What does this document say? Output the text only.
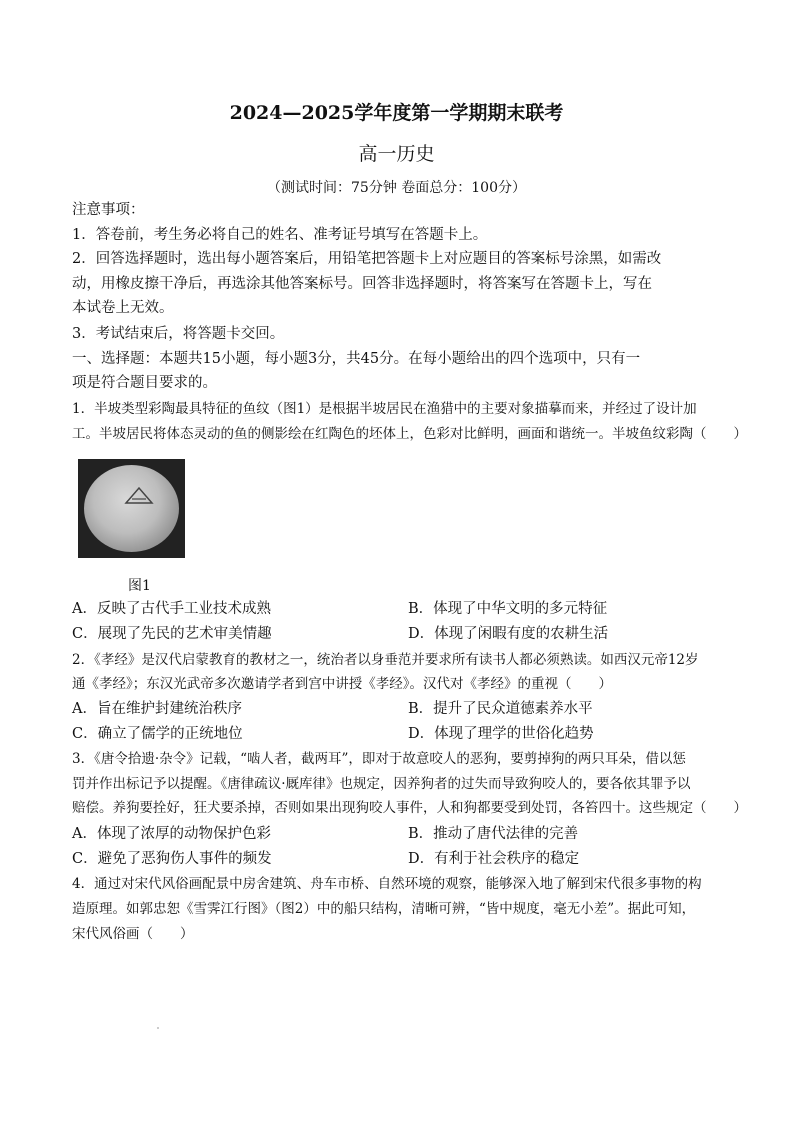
2024—2025学年度第一学期期末联考
高一历史
（测试时间：75分钟 卷面总分：100分）
注意事项：
1．答卷前，考生务必将自己的姓名、准考证号填写在答题卡上。
2．回答选择题时，选出每小题答案后，用铅笔把答题卡上对应题目的答案标号涂黑，如需改
动，用橡皮擦干净后，再选涂其他答案标号。回答非选择题时，将答案写在答题卡上，写在
本试卷上无效。
3．考试结束后，将答题卡交回。
一、选择题：本题共15小题，每小题3分，共45分。在每小题给出的四个选项中，只有一
项是符合题目要求的。
1．半坡类型彩陶最具特征的鱼纹（图1）是根据半坡居民在渔猎中的主要对象描摹而来，并经过了设计加
工。半坡居民将体态灵动的鱼的侧影绘在红陶色的坯体上，色彩对比鲜明，画面和谐统一。半坡鱼纹彩陶（　　）
图1
A．反映了古代手工业技术成熟	B．体现了中华文明的多元特征
C．展现了先民的艺术审美情趣	D．体现了闲暇有度的农耕生活
2．《孝经》是汉代启蒙教育的教材之一，统治者以身垂范并要求所有读书人都必须熟读。如西汉元帝12岁
通《孝经》；东汉光武帝多次邀请学者到宫中讲授《孝经》。汉代对《孝经》的重视（　　）
A．旨在维护封建统治秩序	B．提升了民众道德素养水平
C．确立了儒学的正统地位	D．体现了理学的世俗化趋势
3．《唐令拾遗·杂令》记载，“啮人者，截两耳”，即对于故意咬人的恶狗，要剪掉狗的两只耳朵，借以惩
罚并作出标记予以提醒。《唐律疏议·厩库律》也规定，因养狗者的过失而导致狗咬人的，要各依其罪予以
赔偿。养狗要拴好，狂犬要杀掉，否则如果出现狗咬人事件，人和狗都要受到处罚，各笞四十。这些规定（　　）
A．体现了浓厚的动物保护色彩	B．推动了唐代法律的完善
C．避免了恶狗伤人事件的频发	D．有利于社会秩序的稳定
4．通过对宋代风俗画配景中房舍建筑、舟车市桥、自然环境的观察，能够深入地了解到宋代很多事物的构
造原理。如郭忠恕《雪霁江行图》（图2）中的船只结构，清晰可辨，“皆中规度，毫无小差”。据此可知，
宋代风俗画（　　）
